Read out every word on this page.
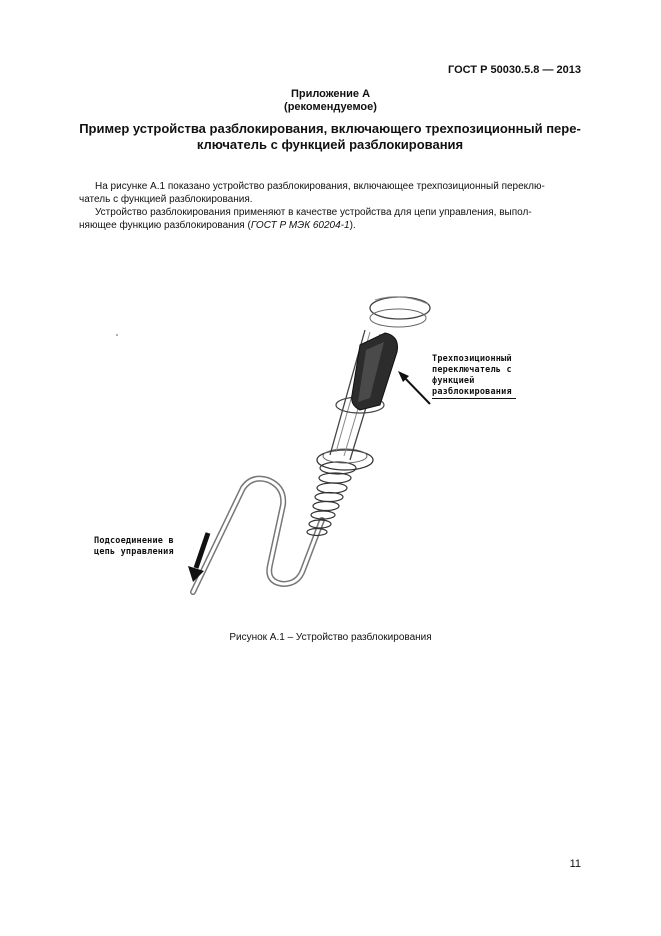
ГОСТ Р 50030.5.8 — 2013
Приложение А
(рекомендуемое)
Пример устройства разблокирования, включающего трехпозиционный пере-
ключатель с функцией разблокирования

На рисунке А.1 показано устройство разблокирования, включающее трехпозиционный переклю-

чатель с функцией разблокирования.

Устройство разблокирования применяют в качестве устройства для цепи управления, выпол-

няющее функцию разблокирования (ГОСТ Р МЭК 60204-1).
Трехпозиционный
переключатель с
функцией
разблокирования
Подсоединение в
цепь управления
Рисунок А.1 – Устройство разблокирования
11
